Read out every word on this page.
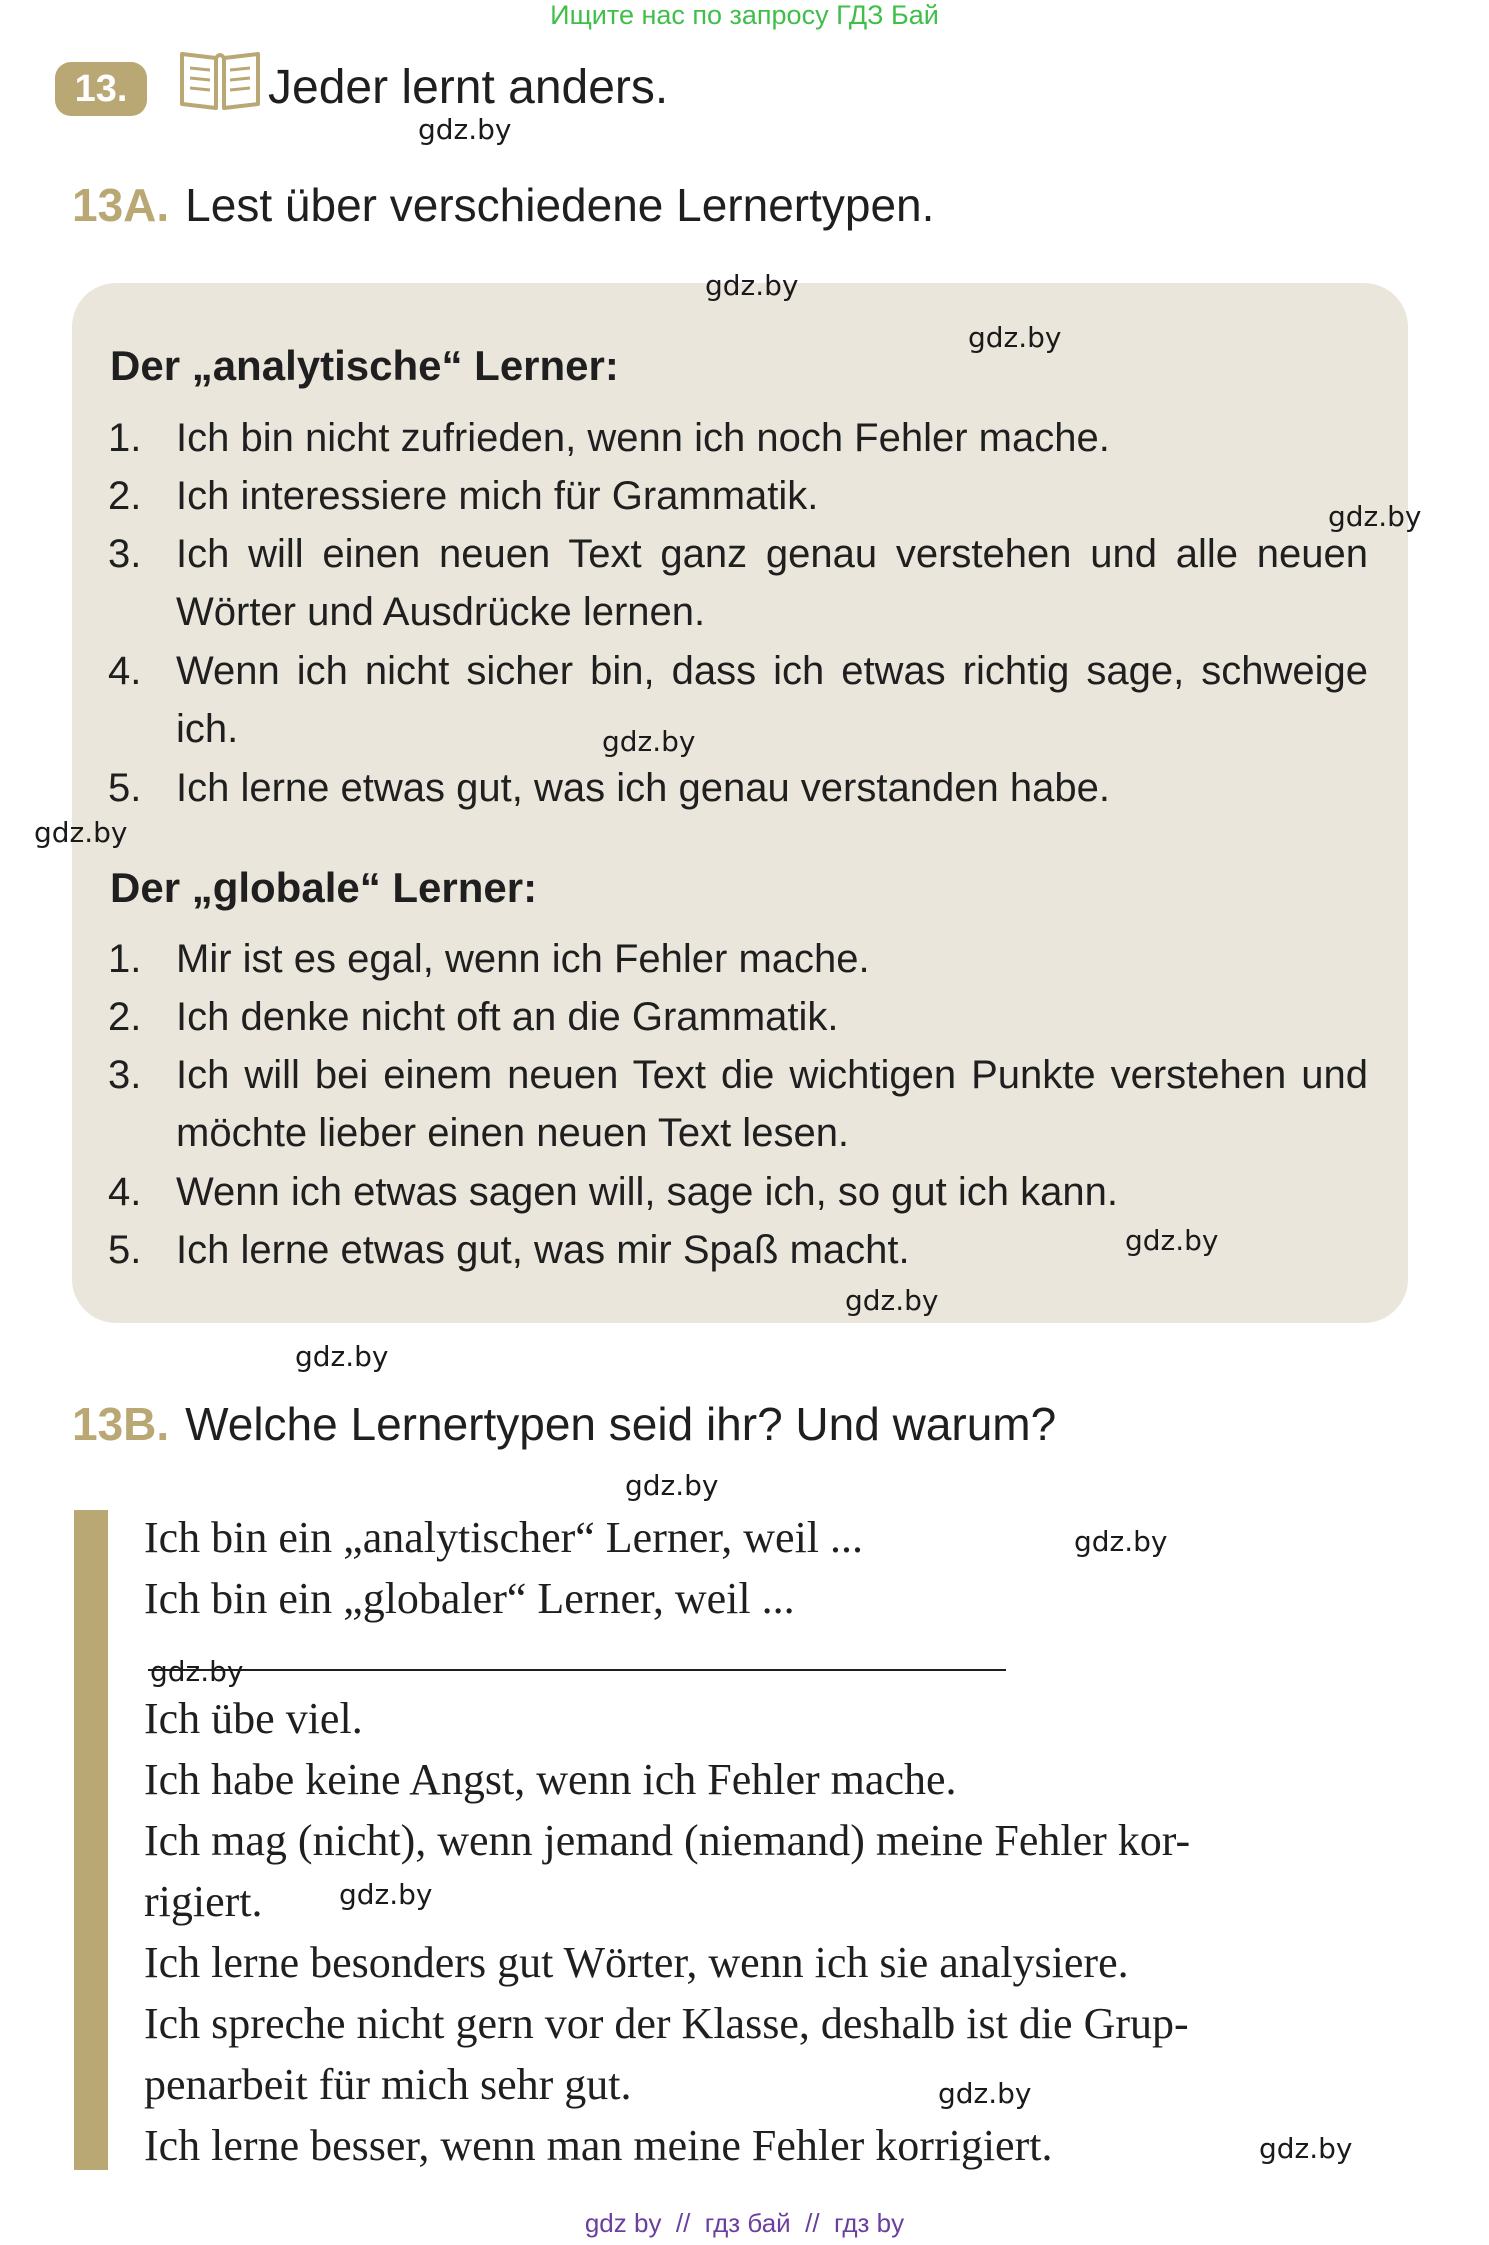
Ищите нас по запросу ГДЗ Бай
13.	Jeder lernt anders.
13A. Lest über verschiedene Lernertypen.
Der „analytische“ Lerner:
1. Ich bin nicht zufrieden, wenn ich noch Fehler mache.
2. Ich interessiere mich für Grammatik.
3. Ich will einen neuen Text ganz genau verstehen und alle neuen Wörter und Ausdrücke lernen.
4. Wenn ich nicht sicher bin, dass ich etwas richtig sage, schweige ich.
5. Ich lerne etwas gut, was ich genau verstanden habe.
Der „globale“ Lerner:
1. Mir ist es egal, wenn ich Fehler mache.
2. Ich denke nicht oft an die Grammatik.
3. Ich will bei einem neuen Text die wichtigen Punkte verstehen und möchte lieber einen neuen Text lesen.
4. Wenn ich etwas sagen will, sage ich, so gut ich kann.
5. Ich lerne etwas gut, was mir Spaß macht.
13B. Welche Lernertypen seid ihr? Und warum?
Ich bin ein „analytischer“ Lerner, weil ...
Ich bin ein „globaler“ Lerner, weil ...
Ich übe viel.
Ich habe keine Angst, wenn ich Fehler mache.
Ich mag (nicht), wenn jemand (niemand) meine Fehler kor-
rigiert.
Ich lerne besonders gut Wörter, wenn ich sie analysiere.
Ich spreche nicht gern vor der Klasse, deshalb ist die Grup-
penarbeit für mich sehr gut.
Ich lerne besser, wenn man meine Fehler korrigiert.
gdz.by
gdz.by
gdz.by
gdz.by
gdz.by
gdz.by
gdz.by
gdz.by
gdz.by
gdz.by
gdz.by
gdz.by
gdz.by
gdz.by
gdz.by
gdz by  //  гдз бай  //  гдз by
